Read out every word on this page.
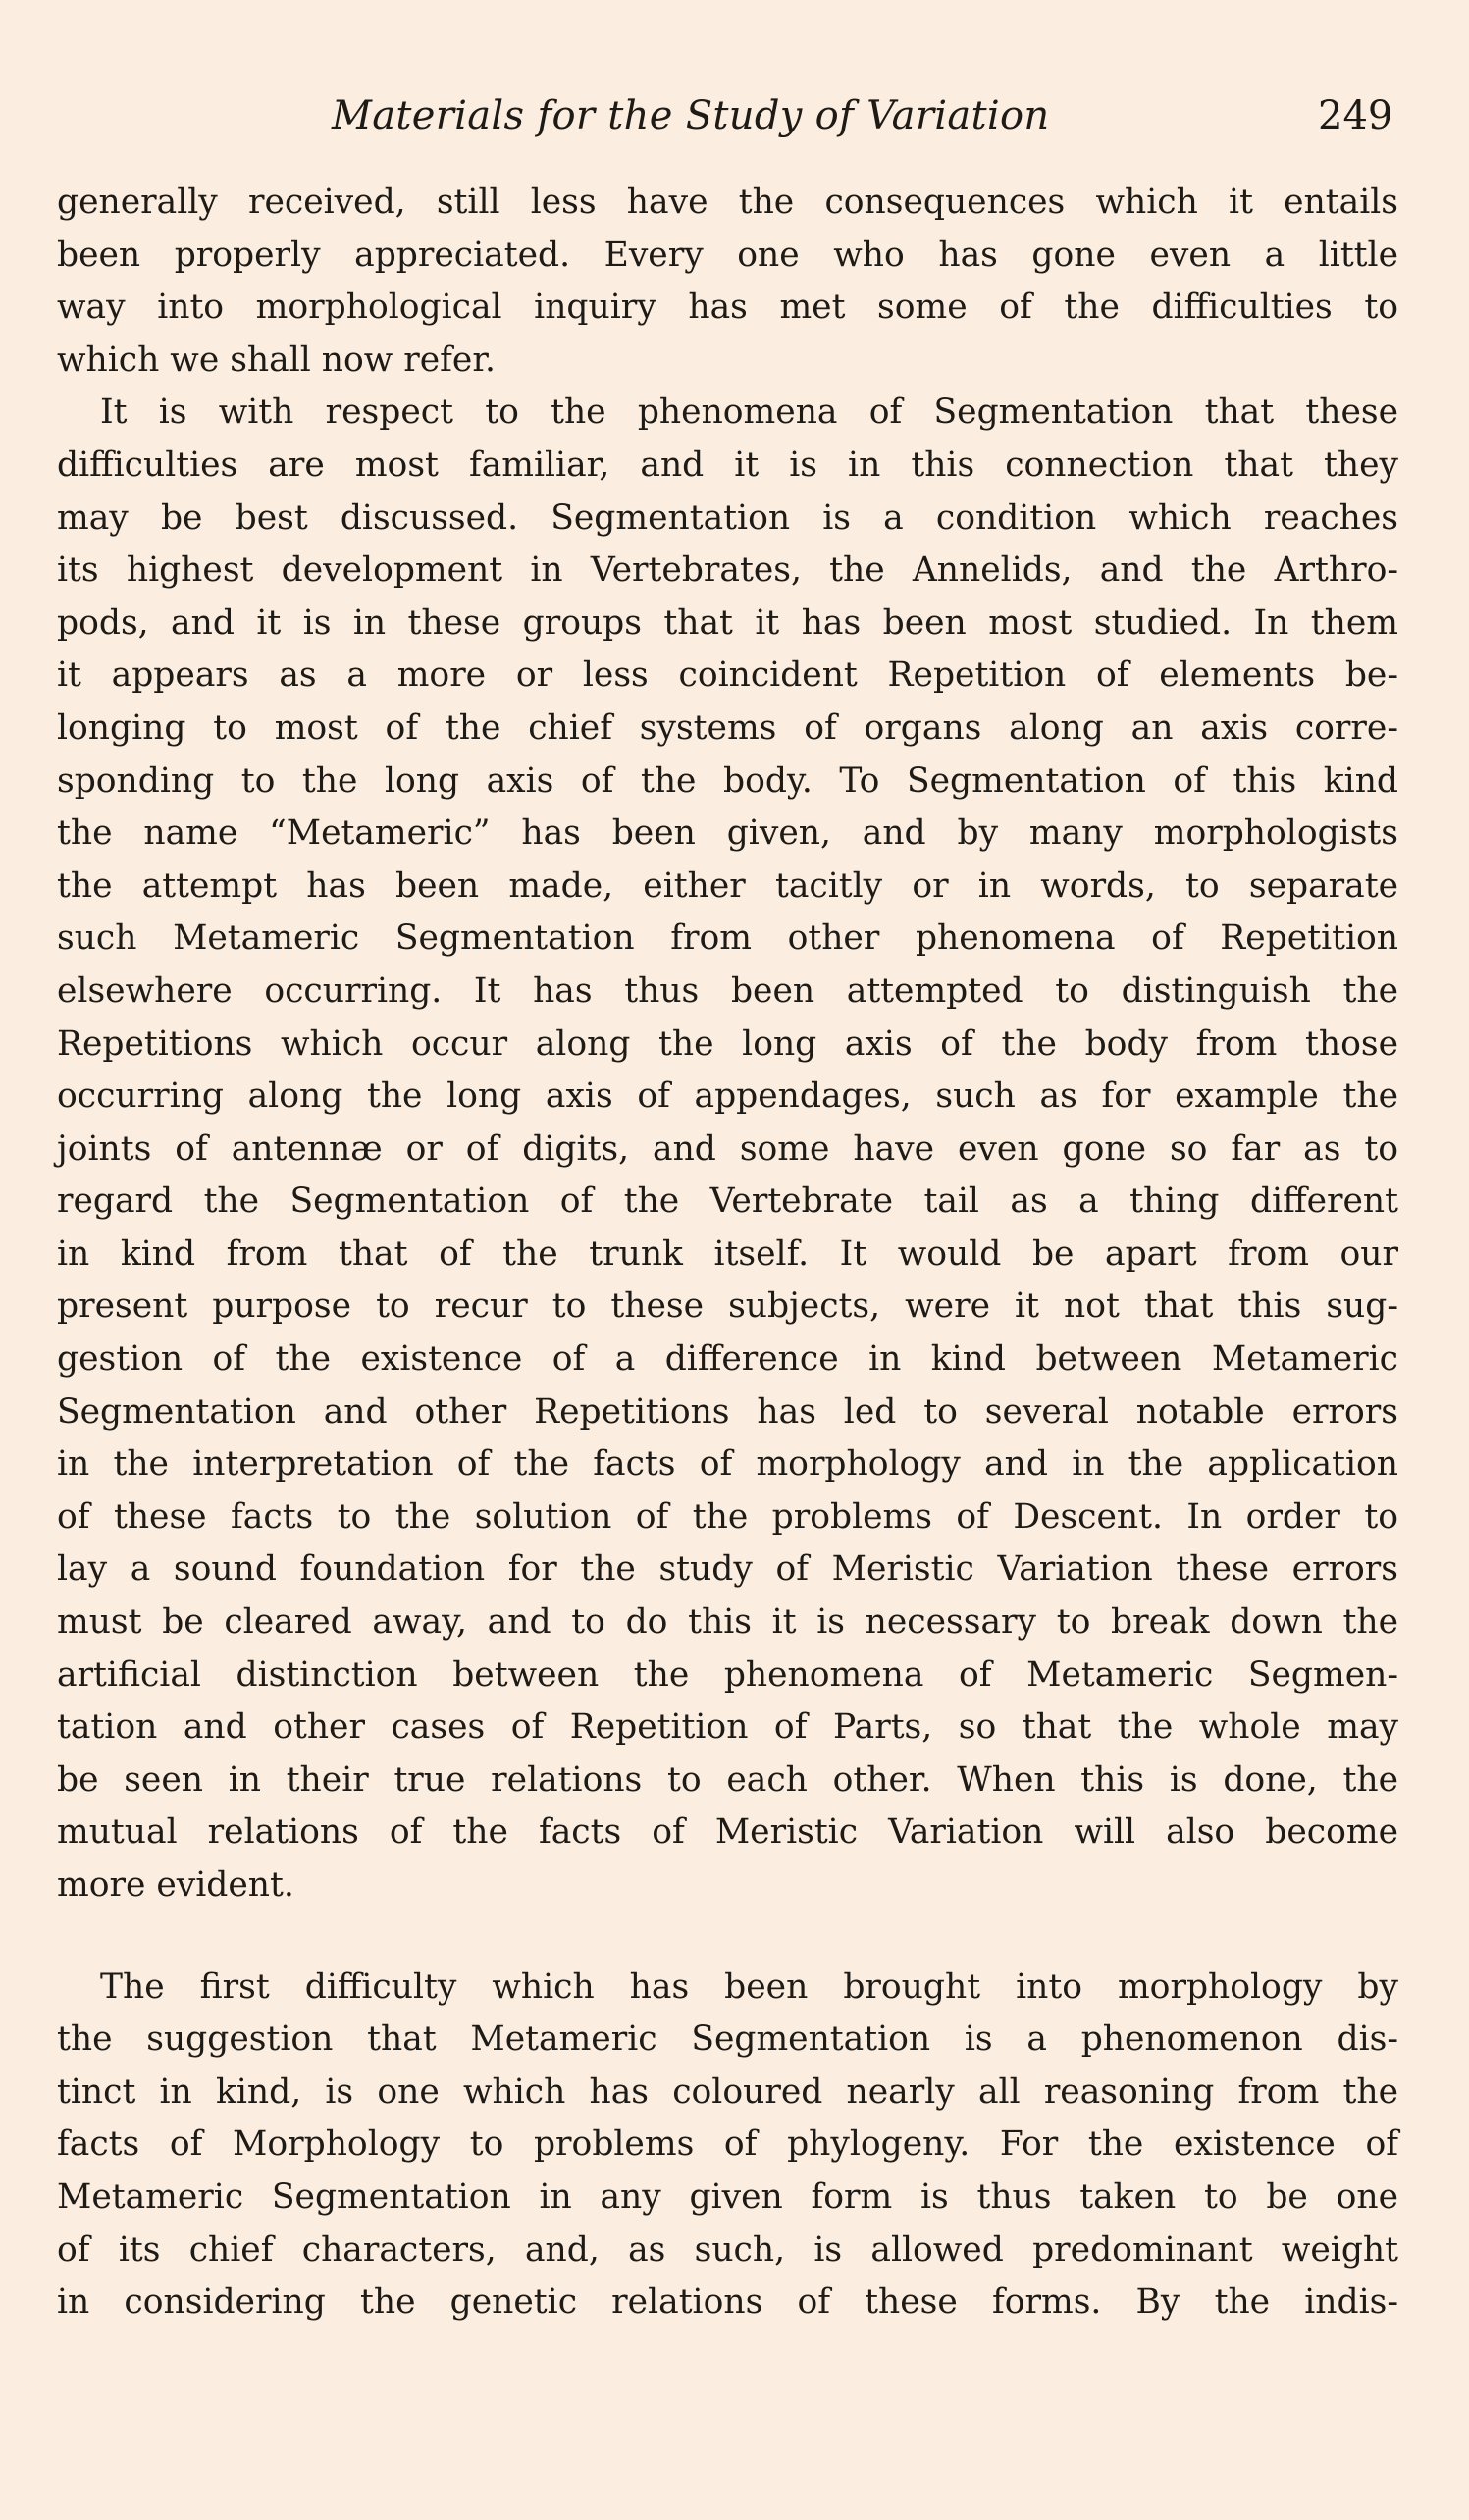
Materials for the Study of Variation	249
generally received, still less have the consequences which it entails
been properly appreciated. Every one who has gone even a little
way into morphological inquiry has met some of the difficulties to
which we shall now refer.
It is with respect to the phenomena of Segmentation that these
difficulties are most familiar, and it is in this connection that they
may be best discussed. Segmentation is a condition which reaches
its highest development in Vertebrates, the Annelids, and the Arthro-
pods, and it is in these groups that it has been most studied. In them
it appears as a more or less coincident Repetition of elements be-
longing to most of the chief systems of organs along an axis corre-
sponding to the long axis of the body. To Segmentation of this kind
the name “Metameric” has been given, and by many morphologists
the attempt has been made, either tacitly or in words, to separate
such Metameric Segmentation from other phenomena of Repetition
elsewhere occurring. It has thus been attempted to distinguish the
Repetitions which occur along the long axis of the body from those
occurring along the long axis of appendages, such as for example the
joints of antennæ or of digits, and some have even gone so far as to
regard the Segmentation of the Vertebrate tail as a thing different
in kind from that of the trunk itself. It would be apart from our
present purpose to recur to these subjects, were it not that this sug-
gestion of the existence of a difference in kind between Metameric
Segmentation and other Repetitions has led to several notable errors
in the interpretation of the facts of morphology and in the application
of these facts to the solution of the problems of Descent. In order to
lay a sound foundation for the study of Meristic Variation these errors
must be cleared away, and to do this it is necessary to break down the
artificial distinction between the phenomena of Metameric Segmen-
tation and other cases of Repetition of Parts, so that the whole may
be seen in their true relations to each other. When this is done, the
mutual relations of the facts of Meristic Variation will also become
more evident.
The first difficulty which has been brought into morphology by
the suggestion that Metameric Segmentation is a phenomenon dis-
tinct in kind, is one which has coloured nearly all reasoning from the
facts of Morphology to problems of phylogeny. For the existence of
Metameric Segmentation in any given form is thus taken to be one
of its chief characters, and, as such, is allowed predominant weight
in considering the genetic relations of these forms. By the indis-
